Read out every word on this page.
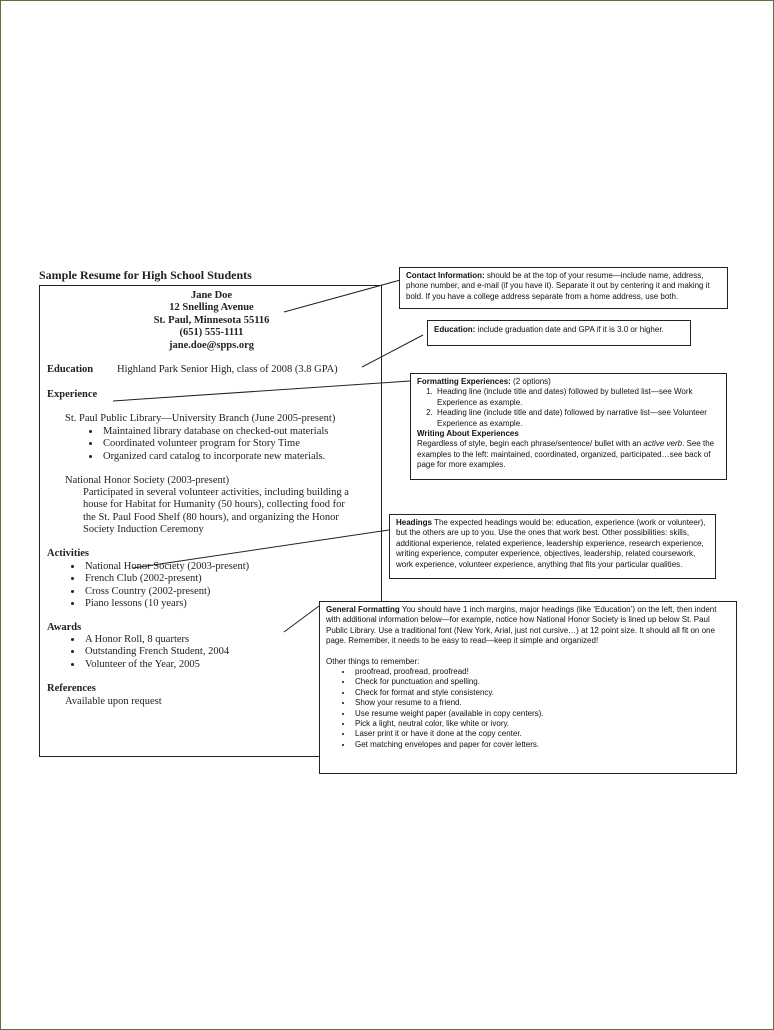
Sample Resume for High School Students
Jane Doe
12 Snelling Avenue
St. Paul, Minnesota 55116
(651) 555-1111
jane.doe@spps.org
Education Highland Park Senior High, class of 2008 (3.8 GPA)
Experience
St. Paul Public Library—University Branch (June 2005-present)
• Maintained library database on checked-out materials
• Coordinated volunteer program for Story Time
• Organized card catalog to incorporate new materials.
National Honor Society (2003-present)
Participated in several volunteer activities, including building a
house for Habitat for Humanity (50 hours), collecting food for
the St. Paul Food Shelf (80 hours), and organizing the Honor
Society Induction Ceremony
Activities
• National Honor Society (2003-present)
• French Club (2002-present)
• Cross Country (2002-present)
• Piano lessons (10 years)
Awards
• A Honor Roll, 8 quarters
• Outstanding French Student, 2004
• Volunteer of the Year, 2005
References
Available upon request
Contact Information: should be at the top of your resume—include name, address, phone number, and e-mail (if you have it). Separate it out by centering it and making it bold. If you have a college address separate from a home address, use both.
Education: include graduation date and GPA if it is 3.0 or higher.
Formatting Experiences: (2 options)
1. Heading line (include title and dates) followed by bulleted list—see Work Experience as example.
2. Heading line (include title and date) followed by narrative list—see Volunteer Experience as example.
Writing About Experiences
Regardless of style, begin each phrase/sentence/ bullet with an active verb. See the examples to the left: maintained, coordinated, organized, participated…see back of page for more examples.
Headings The expected headings would be: education, experience (work or volunteer), but the others are up to you. Use the ones that work best. Other possibilities: skills, additional experience, related experience, leadership experience, research experience, writing experience, computer experience, objectives, leadership, related coursework, work experience, volunteer experience, anything that fits your particular qualities.
General Formatting You should have 1 inch margins, major headings (like ‘Education’) on the left, then indent with additional information below—for example, notice how National Honor Society is lined up below St. Paul Public Library. Use a traditional font (New York, Arial, just not cursive…) at 12 point size. It should all fit on one page. Remember, it needs to be easy to read—keep it simple and organized!
Other things to remember:
• proofread, proofread, proofread!
• Check for punctuation and spelling.
• Check for format and style consistency.
• Show your resume to a friend.
• Use resume weight paper (available in copy centers).
• Pick a light, neutral color, like white or ivory.
• Laser print it or have it done at the copy center.
• Get matching envelopes and paper for cover letters.
